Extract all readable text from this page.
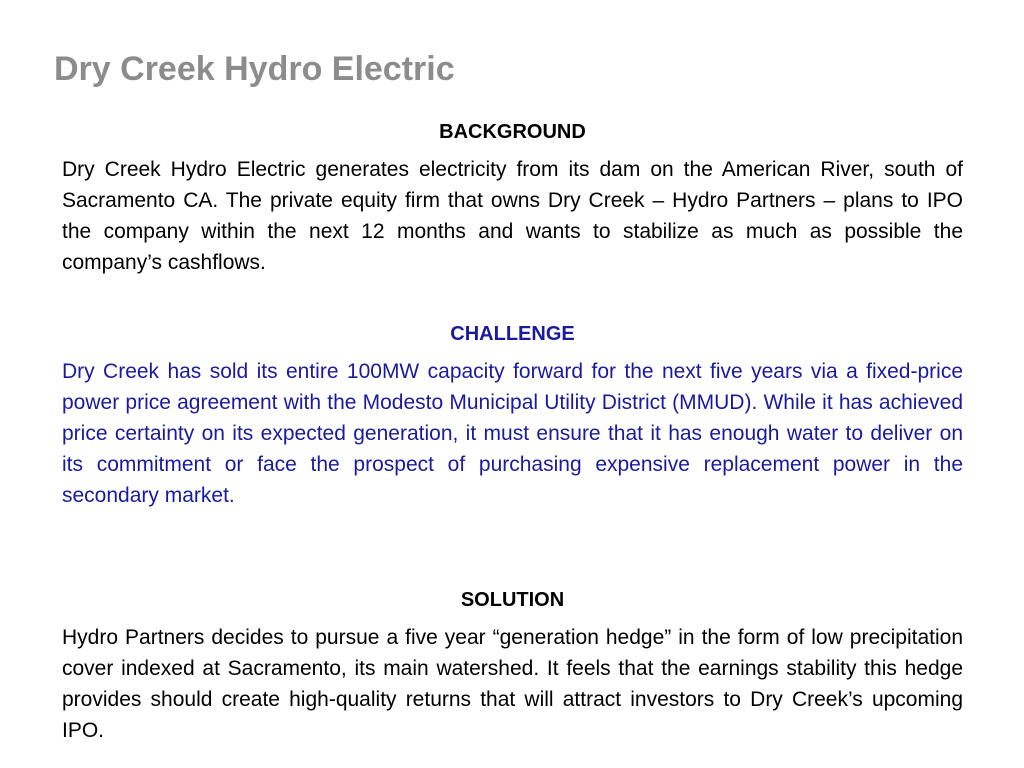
Dry Creek Hydro Electric
BACKGROUND

Dry Creek Hydro Electric generates electricity from its dam on the American River, south of Sacramento CA. The private equity firm that owns Dry Creek – Hydro Partners – plans to IPO the company within the next 12 months and wants to stabilize as much as possible the company’s cashflows.

CHALLENGE

Dry Creek has sold its entire 100MW capacity forward for the next five years via a fixed-price power price agreement with the Modesto Municipal Utility District (MMUD). While it has achieved price certainty on its expected generation, it must ensure that it has enough water to deliver on its commitment or face the prospect of purchasing expensive replacement power in the secondary market.

SOLUTION

Hydro Partners decides to pursue a five year “generation hedge” in the form of low precipitation cover indexed at Sacramento, its main watershed. It feels that the earnings stability this hedge provides should create high-quality returns that will attract investors to Dry Creek’s upcoming IPO.
